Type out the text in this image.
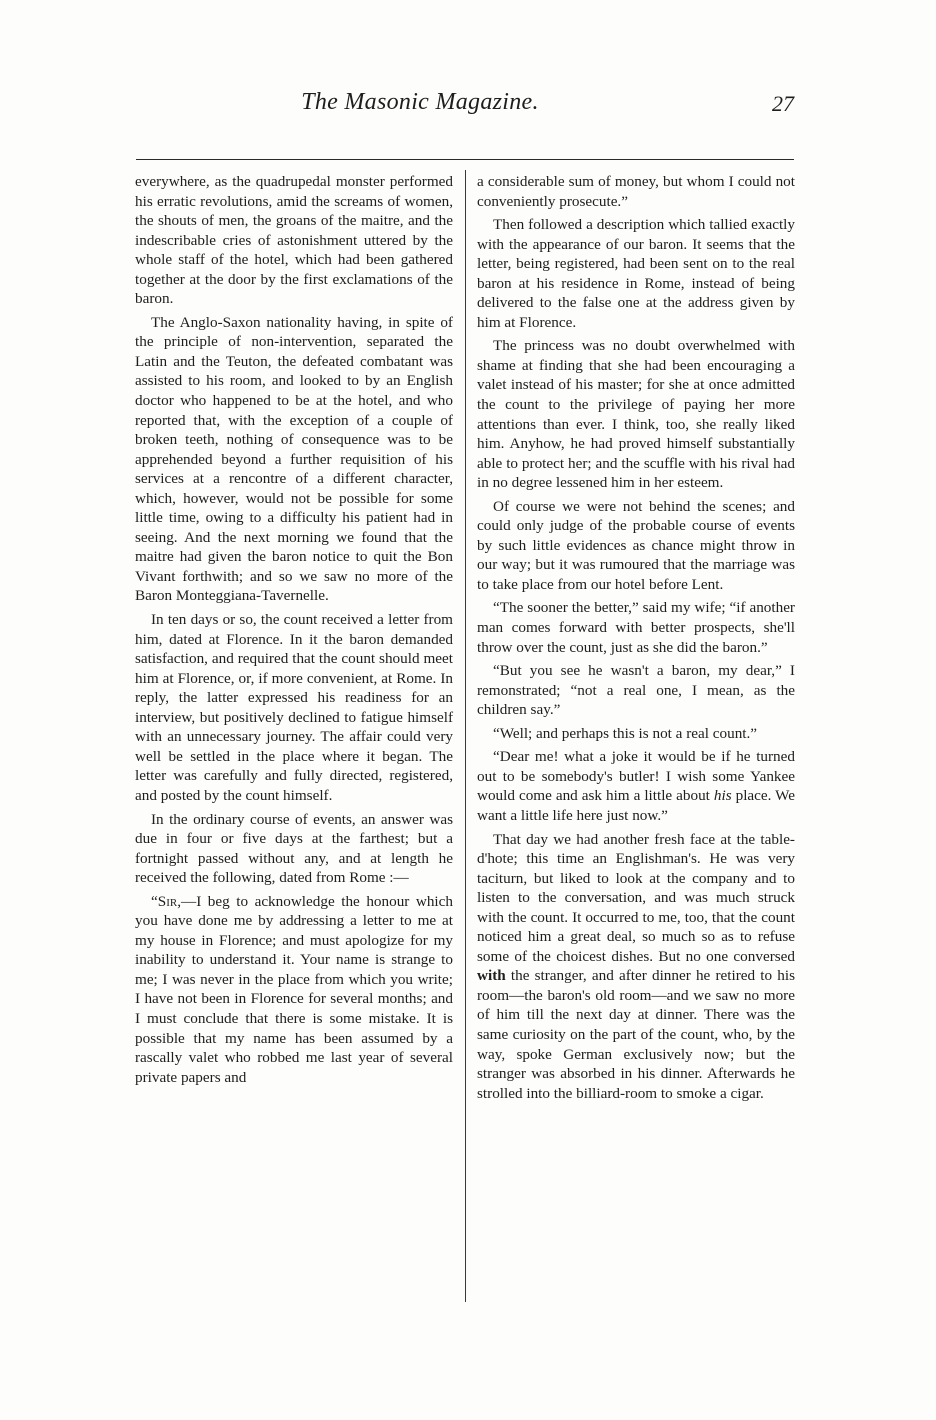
The Masonic Magazine.	27

everywhere, as the quadrupedal monster performed his erratic revolutions, amid the screams of women, the shouts of men, the groans of the maitre, and the indescribable cries of astonishment uttered by the whole staff of the hotel, which had been gathered together at the door by the first exclamations of the baron.

The Anglo-Saxon nationality having, in spite of the principle of non-intervention, separated the Latin and the Teuton, the defeated combatant was assisted to his room, and looked to by an English doctor who happened to be at the hotel, and who reported that, with the exception of a couple of broken teeth, nothing of consequence was to be apprehended beyond a further requisition of his services at a rencontre of a different character, which, however, would not be possible for some little time, owing to a difficulty his patient had in seeing. And the next morning we found that the maitre had given the baron notice to quit the Bon Vivant forthwith; and so we saw no more of the Baron Monteggiana-Tavernelle.

In ten days or so, the count received a letter from him, dated at Florence. In it the baron demanded satisfaction, and required that the count should meet him at Florence, or, if more convenient, at Rome. In reply, the latter expressed his readiness for an interview, but positively declined to fatigue himself with an unnecessary journey. The affair could very well be settled in the place where it began. The letter was carefully and fully directed, registered, and posted by the count himself.

In the ordinary course of events, an answer was due in four or five days at the farthest; but a fortnight passed without any, and at length he received the following, dated from Rome :—

“Sir,—I beg to acknowledge the honour which you have done me by addressing a letter to me at my house in Florence; and must apologize for my inability to understand it. Your name is strange to me; I was never in the place from which you write; I have not been in Florence for several months; and I must conclude that there is some mistake. It is possible that my name has been assumed by a rascally valet who robbed me last year of several private papers and

a considerable sum of money, but whom I could not conveniently prosecute.”

Then followed a description which tallied exactly with the appearance of our baron. It seems that the letter, being registered, had been sent on to the real baron at his residence in Rome, instead of being delivered to the false one at the address given by him at Florence.

The princess was no doubt overwhelmed with shame at finding that she had been encouraging a valet instead of his master; for she at once admitted the count to the privilege of paying her more attentions than ever. I think, too, she really liked him. Anyhow, he had proved himself substantially able to protect her; and the scuffle with his rival had in no degree lessened him in her esteem.

Of course we were not behind the scenes; and could only judge of the probable course of events by such little evidences as chance might throw in our way; but it was rumoured that the marriage was to take place from our hotel before Lent.

“The sooner the better,” said my wife; “if another man comes forward with better prospects, she'll throw over the count, just as she did the baron.”

“But you see he wasn't a baron, my dear,” I remonstrated; “not a real one, I mean, as the children say.”

“Well; and perhaps this is not a real count.”

“Dear me! what a joke it would be if he turned out to be somebody's butler! I wish some Yankee would come and ask him a little about his place. We want a little life here just now.”

That day we had another fresh face at the table-d'hote; this time an Englishman's. He was very taciturn, but liked to look at the company and to listen to the conversation, and was much struck with the count. It occurred to me, too, that the count noticed him a great deal, so much so as to refuse some of the choicest dishes. But no one conversed with the stranger, and after dinner he retired to his room—the baron's old room—and we saw no more of him till the next day at dinner. There was the same curiosity on the part of the count, who, by the way, spoke German exclusively now; but the stranger was absorbed in his dinner. Afterwards he strolled into the billiard-room to smoke a cigar.
